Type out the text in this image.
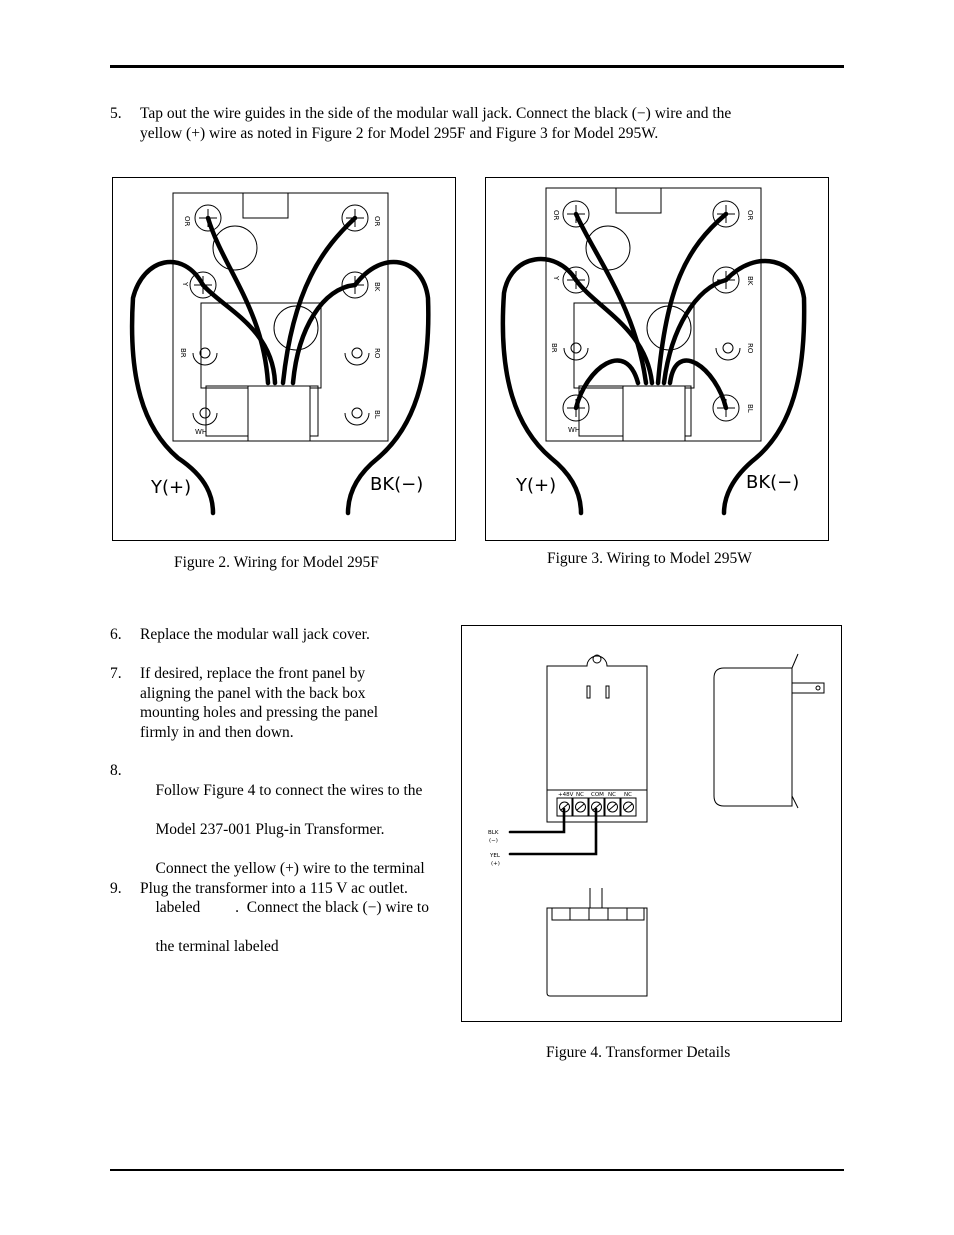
5. Tap out the wire guides in the side of the modular wall jack. Connect the black (−) wire and the
yellow (+) wire as noted in Figure 2 for Model 295F and Figure 3 for Model 295W.
OR	OR
Y	BK
BR	RO
WH
BL
Y(+)	BK(−)
OR	OR
Y	BK
BR	RO
WH
BL
Y(+)	BK(−)
Figure 2. Wiring for Model 295F	Figure 3. Wiring to Model 295W
6. Replace the modular wall jack cover.
7. If desired, replace the front panel by
aligning the panel with the back box
mounting holes and pressing the panel
firmly in and then down.
8.

Follow Figure 4 to connect the wires to the

Model 237-001 Plug-in Transformer.

Connect the yellow (+) wire to the terminal

labeled         .  Connect the black (−) wire to

the terminal labeled

9. Plug the transformer into a 115 V ac outlet.
+48V NC COM NC NC
BLK
(−)
YEL
(+)
Figure 4. Transformer Details
